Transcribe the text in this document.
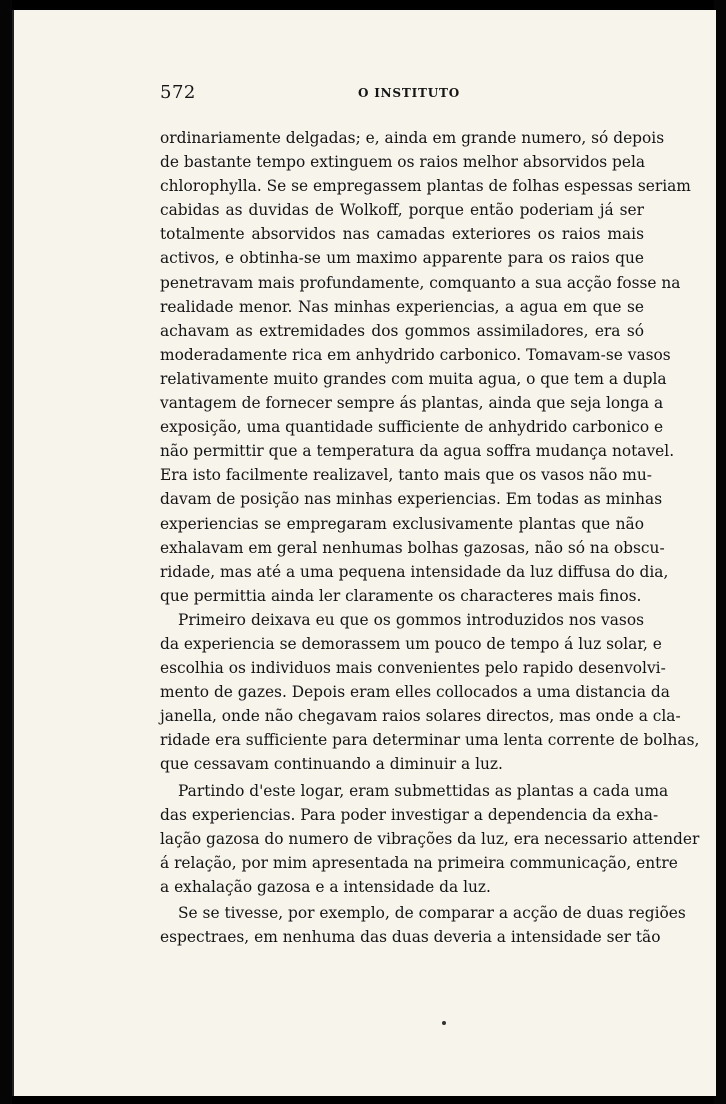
572	O INSTITUTO
ordinariamente delgadas; e, ainda em grande numero, só depois
de bastante tempo extinguem os raios melhor absorvidos pela
chlorophylla. Se se empregassem plantas de folhas espessas seriam
cabidas as duvidas de Wolkoff, porque então poderiam já ser
totalmente absorvidos nas camadas exteriores os raios mais
activos, e obtinha-se um maximo apparente para os raios que
penetravam mais profundamente, comquanto a sua acção fosse na
realidade menor. Nas minhas experiencias, a agua em que se
achavam as extremidades dos gommos assimiladores, era só
moderadamente rica em anhydrido carbonico. Tomavam-se vasos
relativamente muito grandes com muita agua, o que tem a dupla
vantagem de fornecer sempre ás plantas, ainda que seja longa a
exposição, uma quantidade sufficiente de anhydrido carbonico e
não permittir que a temperatura da agua soffra mudança notavel.
Era isto facilmente realizavel, tanto mais que os vasos não mu-
davam de posição nas minhas experiencias. Em todas as minhas
experiencias se empregaram exclusivamente plantas que não
exhalavam em geral nenhumas bolhas gazosas, não só na obscu-
ridade, mas até a uma pequena intensidade da luz diffusa do dia,
que permittia ainda ler claramente os characteres mais finos.
Primeiro deixava eu que os gommos introduzidos nos vasos
da experiencia se demorassem um pouco de tempo á luz solar, e
escolhia os individuos mais convenientes pelo rapido desenvolvi-
mento de gazes. Depois eram elles collocados a uma distancia da
janella, onde não chegavam raios solares directos, mas onde a cla-
ridade era sufficiente para determinar uma lenta corrente de bolhas,
que cessavam continuando a diminuir a luz.
Partindo d'este logar, eram submettidas as plantas a cada uma
das experiencias. Para poder investigar a dependencia da exha-
lação gazosa do numero de vibrações da luz, era necessario attender
á relação, por mim apresentada na primeira communicação, entre
a exhalação gazosa e a intensidade da luz.
Se se tivesse, por exemplo, de comparar a acção de duas regiões
espectraes, em nenhuma das duas deveria a intensidade ser tão
